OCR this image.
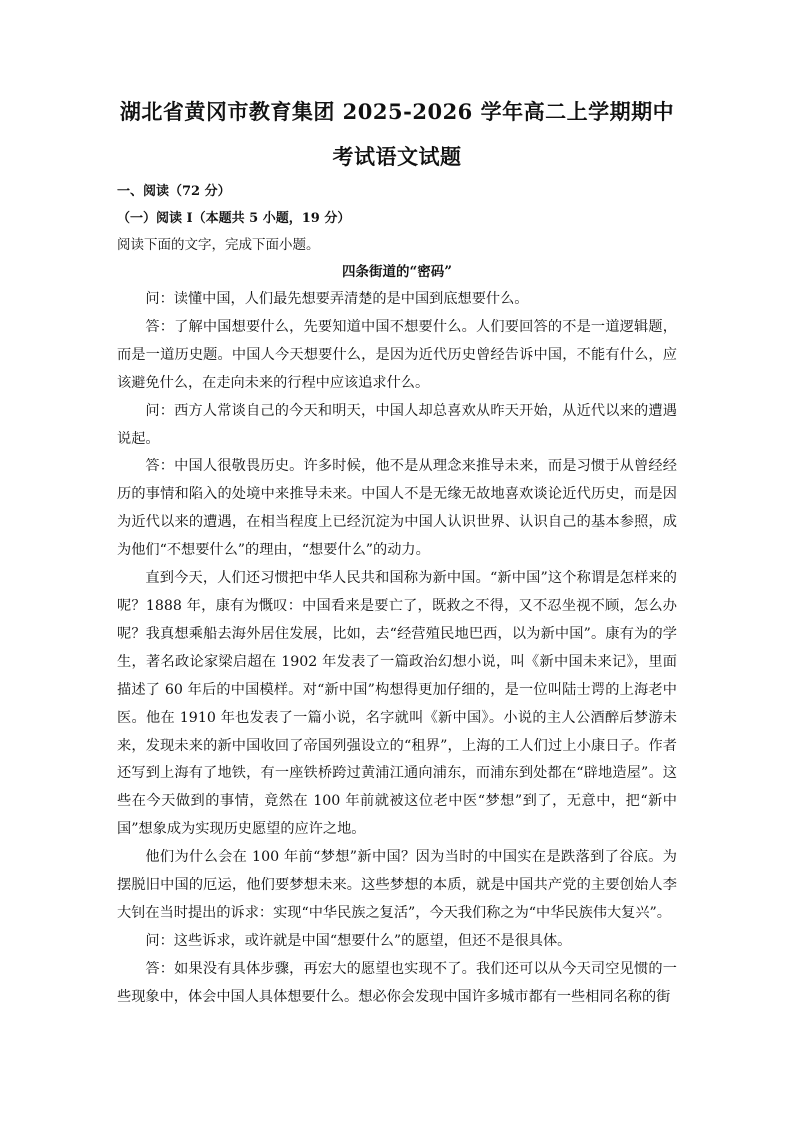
湖北省黄冈市教育集团 2025-2026 学年高二上学期期中
考试语文试题
一、阅读（72 分）
（一）阅读 I（本题共 5 小题，19 分）
阅读下面的文字，完成下面小题。
四条街道的“密码”

问：读懂中国，人们最先想要弄清楚的是中国到底想要什么。

答：了解中国想要什么，先要知道中国不想要什么。人们要回答的不是一道逻辑题，而是一道历史题。中国人今天想要什么，是因为近代历史曾经告诉中国，不能有什么，应该避免什么，在走向未来的行程中应该追求什么。

问：西方人常谈自己的今天和明天，中国人却总喜欢从昨天开始，从近代以来的遭遇说起。

答：中国人很敬畏历史。许多时候，他不是从理念来推导未来，而是习惯于从曾经经历的事情和陷入的处境中来推导未来。中国人不是无缘无故地喜欢谈论近代历史，而是因为近代以来的遭遇，在相当程度上已经沉淀为中国人认识世界、认识自己的基本参照，成为他们“不想要什么”的理由，“想要什么”的动力。

直到今天，人们还习惯把中华人民共和国称为新中国。“新中国”这个称谓是怎样来的呢？1888 年，康有为慨叹：中国看来是要亡了，既救之不得，又不忍坐视不顾，怎么办呢？我真想乘船去海外居住发展，比如，去“经营殖民地巴西，以为新中国”。康有为的学生，著名政论家梁启超在 1902 年发表了一篇政治幻想小说，叫《新中国未来记》，里面描述了 60 年后的中国模样。对“新中国”构想得更加仔细的，是一位叫陆士谔的上海老中医。他在 1910 年也发表了一篇小说，名字就叫《新中国》。小说的主人公酒醉后梦游未来，发现未来的新中国收回了帝国列强设立的“租界”，上海的工人们过上小康日子。作者还写到上海有了地铁，有一座铁桥跨过黄浦江通向浦东，而浦东到处都在“辟地造屋”。这些在今天做到的事情，竟然在 100 年前就被这位老中医“梦想”到了，无意中，把“新中国”想象成为实现历史愿望的应许之地。

他们为什么会在 100 年前“梦想”新中国？因为当时的中国实在是跌落到了谷底。为摆脱旧中国的厄运，他们要梦想未来。这些梦想的本质，就是中国共产党的主要创始人李大钊在当时提出的诉求：实现“中华民族之复活”，今天我们称之为“中华民族伟大复兴”。

问：这些诉求，或许就是中国“想要什么”的愿望，但还不是很具体。

答：如果没有具体步骤，再宏大的愿望也实现不了。我们还可以从今天司空见惯的一些现象中，体会中国人具体想要什么。想必你会发现中国许多城市都有一些相同名称的街
